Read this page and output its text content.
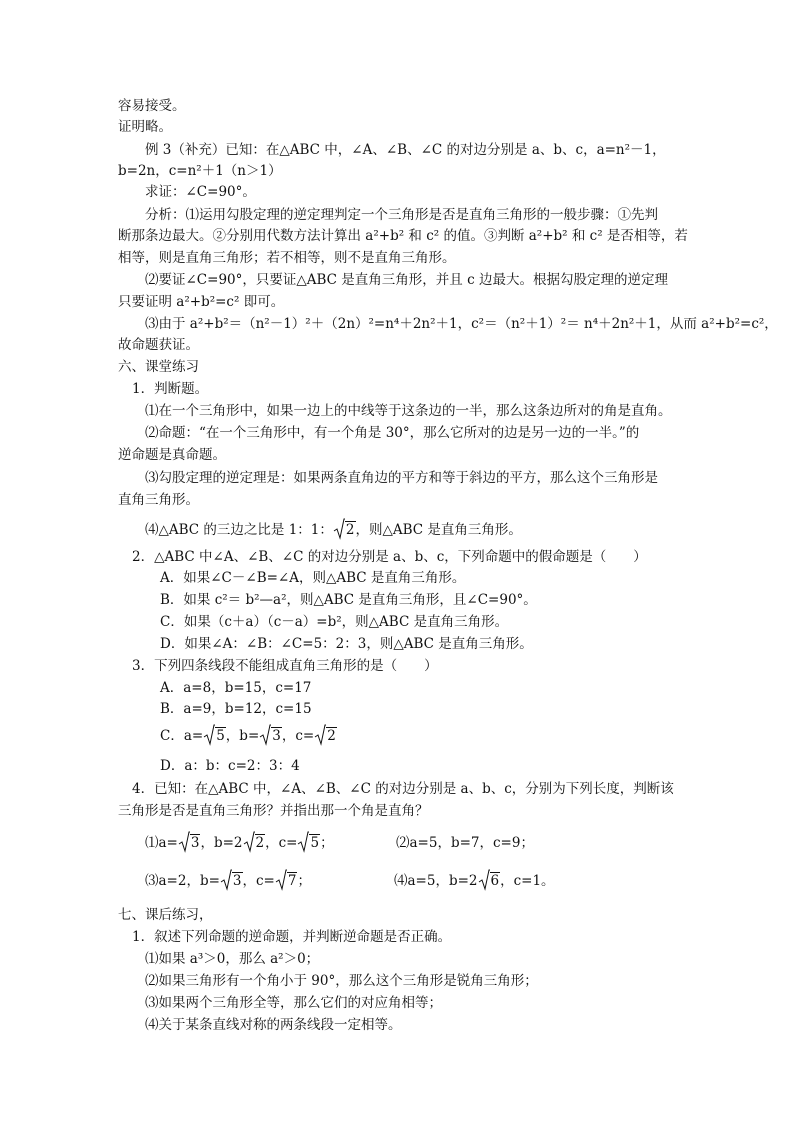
容易接受。
证明略。
例 3（补充）已知：在△ABC 中，∠A、∠B、∠C 的对边分别是 a、b、c，a=n²－1，
b=2n，c=n²＋1（n＞1）
求证：∠C=90°。
分析：⑴运用勾股定理的逆定理判定一个三角形是否是直角三角形的一般步骤：①先判
断那条边最大。②分别用代数方法计算出 a²+b² 和 c² 的值。③判断 a²+b² 和 c² 是否相等，若
相等，则是直角三角形；若不相等，则不是直角三角形。
⑵要证∠C=90°，只要证△ABC 是直角三角形，并且 c 边最大。根据勾股定理的逆定理
只要证明 a²+b²=c² 即可。
⑶由于 a²+b²＝（n²－1）²＋（2n）²=n⁴＋2n²＋1，c²＝（n²＋1）²＝ n⁴＋2n²＋1，从而 a²+b²=c²，
故命题获证。
六、课堂练习
1．判断题。
⑴在一个三角形中，如果一边上的中线等于这条边的一半，那么这条边所对的角是直角。
⑵命题：“在一个三角形中，有一个角是 30°，那么它所对的边是另一边的一半。”的
逆命题是真命题。
⑶勾股定理的逆定理是：如果两条直角边的平方和等于斜边的平方，那么这个三角形是
直角三角形。
⑷△ABC 的三边之比是 1：1： 2，则△ABC 是直角三角形。
2．△ABC 中∠A、∠B、∠C 的对边分别是 a、b、c，下列命题中的假命题是（　　）
A．如果∠C－∠B=∠A，则△ABC 是直角三角形。
B．如果 c²＝ b²—a²，则△ABC 是直角三角形，且∠C=90°。
C．如果（c＋a）（c－a）=b²，则△ABC 是直角三角形。
D．如果∠A：∠B：∠C=5：2：3，则△ABC 是直角三角形。
3．下列四条线段不能组成直角三角形的是（　　）
A．a=8，b=15，c=17
B．a=9，b=12，c=15
C．a= 5，b= 3，c= 2
D．a：b：c=2：3：4
4．已知：在△ABC 中，∠A、∠B、∠C 的对边分别是 a、b、c，分别为下列长度，判断该
三角形是否是直角三角形？并指出那一个角是直角？
⑴a= 3，b=2 2，c= 5；	⑵a=5，b=7，c=9；
⑶a=2，b= 3，c= 7；	⑷a=5，b=2 6，c=1。
七、课后练习，
1．叙述下列命题的逆命题，并判断逆命题是否正确。
⑴如果 a³＞0，那么 a²＞0；
⑵如果三角形有一个角小于 90°，那么这个三角形是锐角三角形；
⑶如果两个三角形全等，那么它们的对应角相等；
⑷关于某条直线对称的两条线段一定相等。
